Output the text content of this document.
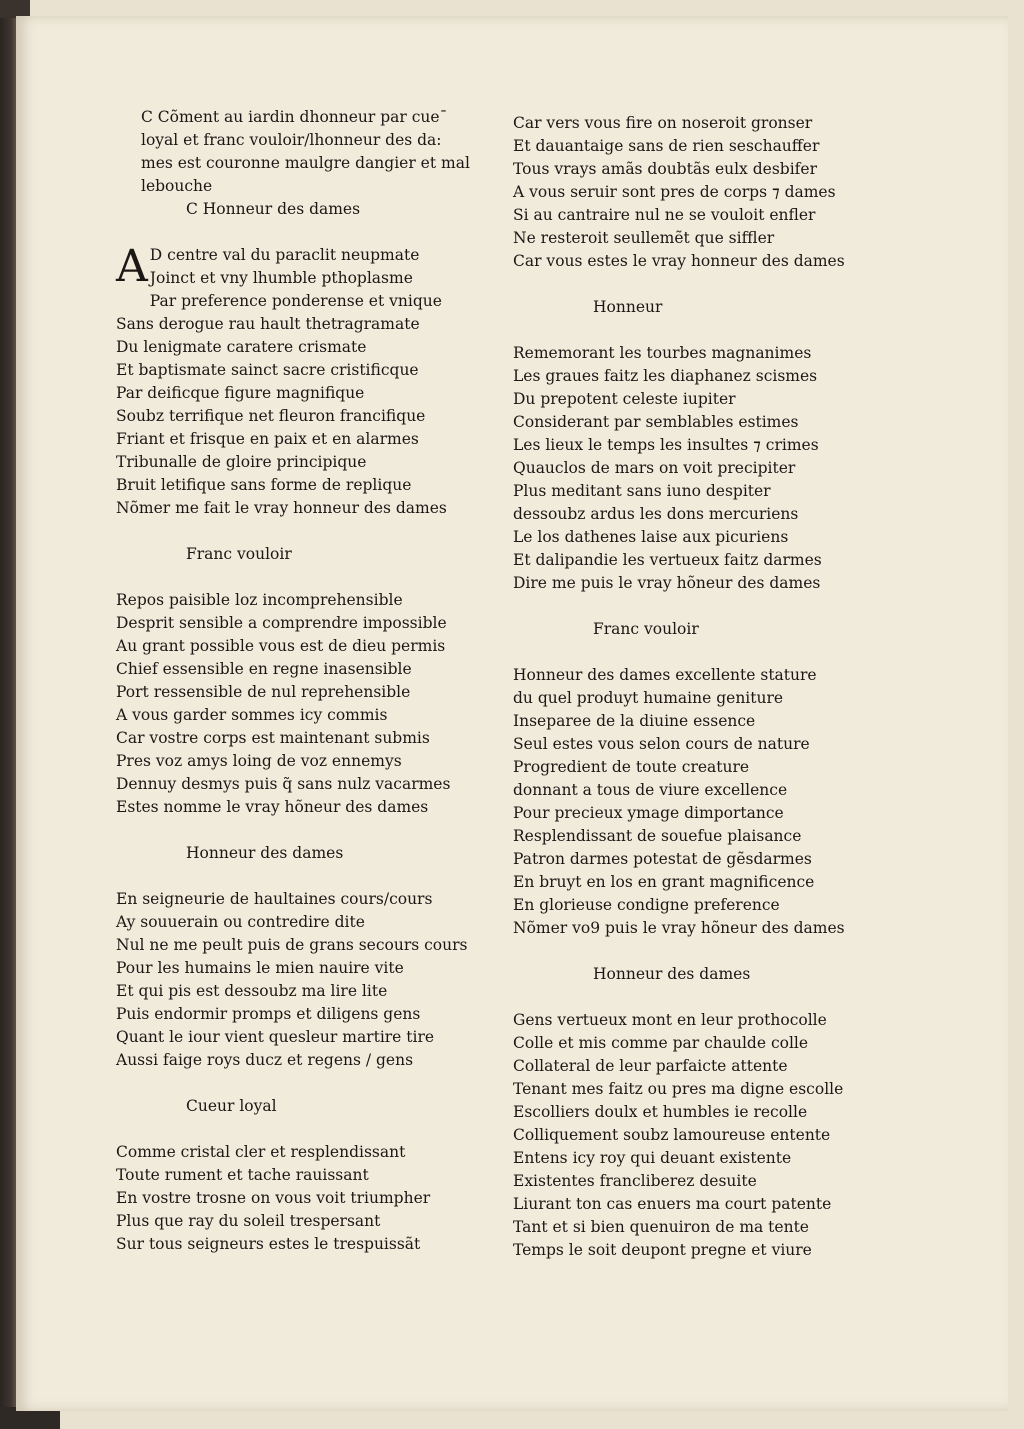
C Cõment au iardin dhonneur par cue¯
loyal et franc vouloir/lhonneur des da:
mes est couronne maulgre dangier et mal
lebouche
C Honneur des dames
A D centre val du paraclit neupmate
Joinct et vny lhumble pthoplasme
Par preference ponderense et vnique
Sans derogue rau hault thetragramate
Du lenigmate caratere crismate
Et baptismate sainct sacre cristificque
Par deificque figure magnifique
Soubz terrifique net fleuron francifique
Friant et frisque en paix et en alarmes
Tribunalle de gloire principique
Bruit letifique sans forme de replique
Nõmer me fait le vray honneur des dames
Franc vouloir
Repos paisible loz incomprehensible
Desprit sensible a comprendre impossible
Au grant possible vous est de dieu permis
Chief essensible en regne inasensible
Port ressensible de nul reprehensible
A vous garder sommes icy commis
Car vostre corps est maintenant submis
Pres voz amys loing de voz ennemys
Dennuy desmys puis q̃ sans nulz vacarmes
Estes nomme le vray hõneur des dames
Honneur des dames
En seigneurie de haultaines cours/cours
Ay souuerain ou contredire dite
Nul ne me peult puis de grans secours cours
Pour les humains le mien nauire vite
Et qui pis est dessoubz ma lire lite
Puis endormir promps et diligens gens
Quant le iour vient quesleur martire tire
Aussi faige roys ducz et regens / gens
Cueur loyal
Comme cristal cler et resplendissant
Toute rument et tache rauissant
En vostre trosne on vous voit triumpher
Plus que ray du soleil trespersant
Sur tous seigneurs estes le trespuissãt
Car vers vous fire on noseroit gronser
Et dauantaige sans de rien seschauffer
Tous vrays amãs doubtãs eulx desbifer
A vous seruir sont pres de corps ⁊ dames
Si au cantraire nul ne se vouloit enfler
Ne resteroit seullemẽt que siffler
Car vous estes le vray honneur des dames
Honneur
Rememorant les tourbes magnanimes
Les graues faitz les diaphanez scismes
Du prepotent celeste iupiter
Considerant par semblables estimes
Les lieux le temps les insultes ⁊ crimes
Quauclos de mars on voit precipiter
Plus meditant sans iuno despiter
dessoubz ardus les dons mercuriens
Le los dathenes laise aux picuriens
Et dalipandie les vertueux faitz darmes
Dire me puis le vray hõneur des dames
Franc vouloir
Honneur des dames excellente stature
du quel produyt humaine geniture
Inseparee de la diuine essence
Seul estes vous selon cours de nature
Progredient de toute creature
donnant a tous de viure excellence
Pour precieux ymage dimportance
Resplendissant de souefue plaisance
Patron darmes potestat de gẽsdarmes
En bruyt en los en grant magnificence
En glorieuse condigne preference
Nõmer vo9 puis le vray hõneur des dames
Honneur des dames
Gens vertueux mont en leur prothocolle
Colle et mis comme par chaulde colle
Collateral de leur parfaicte attente
Tenant mes faitz ou pres ma digne escolle
Escolliers doulx et humbles ie recolle
Colliquement soubz lamoureuse entente
Entens icy roy qui deuant existente
Existentes francliberez desuite
Liurant ton cas enuers ma court patente
Tant et si bien quenuiron de ma tente
Temps le soit deupont pregne et viure
